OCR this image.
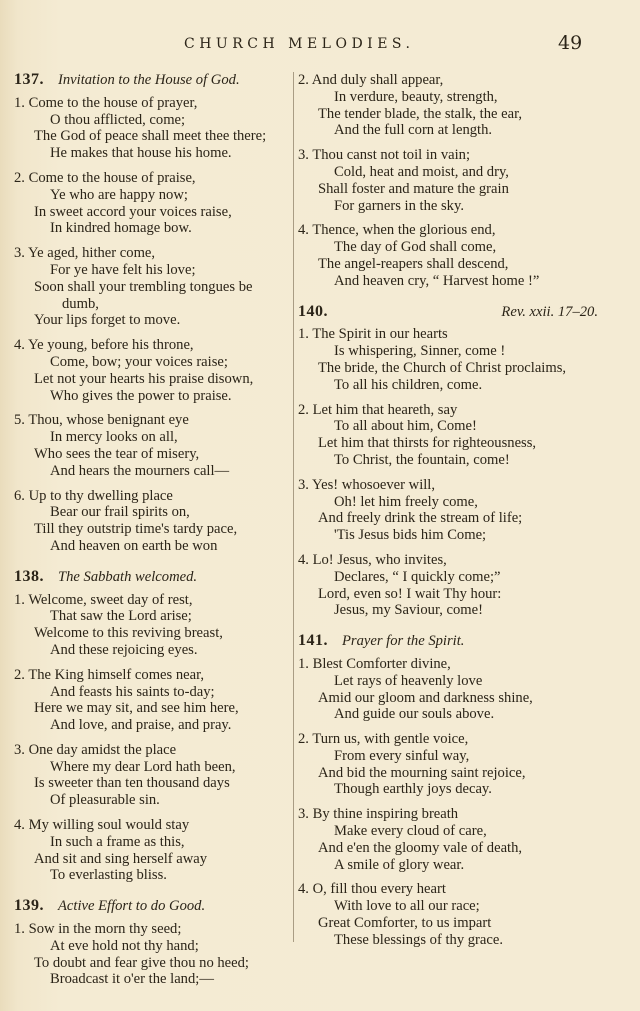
CHURCH MELODIES.	49
137. Invitation to the House of God.
1. Come to the house of prayer,
O thou afflicted, come;
The God of peace shall meet thee there;
He makes that house his home.
2. Come to the house of praise,
Ye who are happy now;
In sweet accord your voices raise,
In kindred homage bow.
3. Ye aged, hither come,
For ye have felt his love;
Soon shall your trembling tongues be
dumb,
Your lips forget to move.
4. Ye young, before his throne,
Come, bow; your voices raise;
Let not your hearts his praise disown,
Who gives the power to praise.
5. Thou, whose benignant eye
In mercy looks on all,
Who sees the tear of misery,
And hears the mourners call—
6. Up to thy dwelling place
Bear our frail spirits on,
Till they outstrip time's tardy pace,
And heaven on earth be won
138. The Sabbath welcomed.
1. Welcome, sweet day of rest,
That saw the Lord arise;
Welcome to this reviving breast,
And these rejoicing eyes.
2. The King himself comes near,
And feasts his saints to-day;
Here we may sit, and see him here,
And love, and praise, and pray.
3. One day amidst the place
Where my dear Lord hath been,
Is sweeter than ten thousand days
Of pleasurable sin.
4. My willing soul would stay
In such a frame as this,
And sit and sing herself away
To everlasting bliss.
139. Active Effort to do Good.
1. Sow in the morn thy seed;
At eve hold not thy hand;
To doubt and fear give thou no heed;
Broadcast it o'er the land;—
2. And duly shall appear,
In verdure, beauty, strength,
The tender blade, the stalk, the ear,
And the full corn at length.
3. Thou canst not toil in vain;
Cold, heat and moist, and dry,
Shall foster and mature the grain
For garners in the sky.
4. Thence, when the glorious end,
The day of God shall come,
The angel-reapers shall descend,
And heaven cry, “ Harvest home !”
140.	Rev. xxii. 17–20.
1. The Spirit in our hearts
Is whispering, Sinner, come !
The bride, the Church of Christ proclaims,
To all his children, come.
2. Let him that heareth, say
To all about him, Come!
Let him that thirsts for righteousness,
To Christ, the fountain, come!
3. Yes! whosoever will,
Oh! let him freely come,
And freely drink the stream of life;
'Tis Jesus bids him Come;
4. Lo! Jesus, who invites,
Declares, “ I quickly come;”
Lord, even so! I wait Thy hour:
Jesus, my Saviour, come!
141. Prayer for the Spirit.
1. Blest Comforter divine,
Let rays of heavenly love
Amid our gloom and darkness shine,
And guide our souls above.
2. Turn us, with gentle voice,
From every sinful way,
And bid the mourning saint rejoice,
Though earthly joys decay.
3. By thine inspiring breath
Make every cloud of care,
And e'en the gloomy vale of death,
A smile of glory wear.
4. O, fill thou every heart
With love to all our race;
Great Comforter, to us impart
These blessings of thy grace.
